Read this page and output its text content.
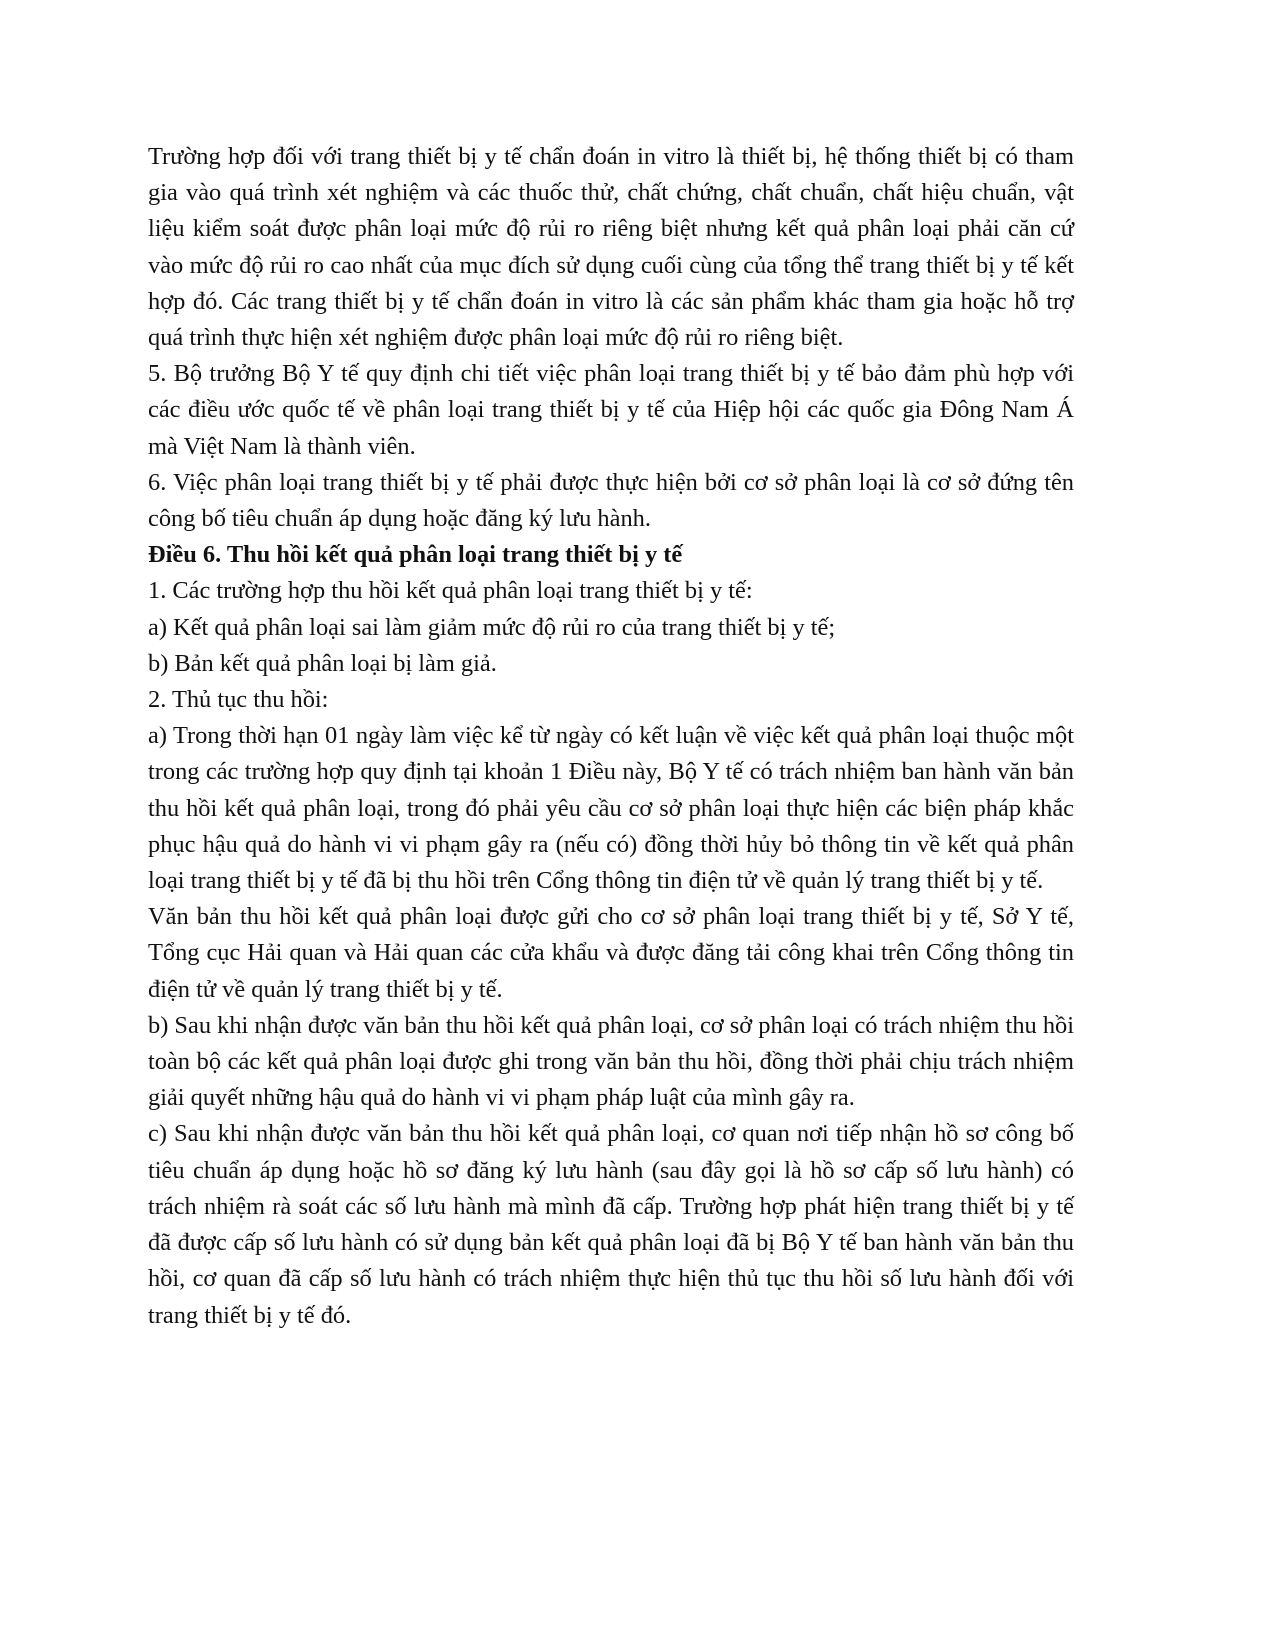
Trường hợp đối với trang thiết bị y tế chẩn đoán in vitro là thiết bị, hệ thống thiết bị có tham gia vào quá trình xét nghiệm và các thuốc thử, chất chứng, chất chuẩn, chất hiệu chuẩn, vật liệu kiểm soát được phân loại mức độ rủi ro riêng biệt nhưng kết quả phân loại phải căn cứ vào mức độ rủi ro cao nhất của mục đích sử dụng cuối cùng của tổng thể trang thiết bị y tế kết hợp đó. Các trang thiết bị y tế chẩn đoán in vitro là các sản phẩm khác tham gia hoặc hỗ trợ quá trình thực hiện xét nghiệm được phân loại mức độ rủi ro riêng biệt.

5. Bộ trưởng Bộ Y tế quy định chi tiết việc phân loại trang thiết bị y tế bảo đảm phù hợp với các điều ước quốc tế về phân loại trang thiết bị y tế của Hiệp hội các quốc gia Đông Nam Á mà Việt Nam là thành viên.

6. Việc phân loại trang thiết bị y tế phải được thực hiện bởi cơ sở phân loại là cơ sở đứng tên công bố tiêu chuẩn áp dụng hoặc đăng ký lưu hành.

Điều 6. Thu hồi kết quả phân loại trang thiết bị y tế

1. Các trường hợp thu hồi kết quả phân loại trang thiết bị y tế:

a) Kết quả phân loại sai làm giảm mức độ rủi ro của trang thiết bị y tế;

b) Bản kết quả phân loại bị làm giả.

2. Thủ tục thu hồi:

a) Trong thời hạn 01 ngày làm việc kể từ ngày có kết luận về việc kết quả phân loại thuộc một trong các trường hợp quy định tại khoản 1 Điều này, Bộ Y tế có trách nhiệm ban hành văn bản thu hồi kết quả phân loại, trong đó phải yêu cầu cơ sở phân loại thực hiện các biện pháp khắc phục hậu quả do hành vi vi phạm gây ra (nếu có) đồng thời hủy bỏ thông tin về kết quả phân loại trang thiết bị y tế đã bị thu hồi trên Cổng thông tin điện tử về quản lý trang thiết bị y tế.

Văn bản thu hồi kết quả phân loại được gửi cho cơ sở phân loại trang thiết bị y tế, Sở Y tế, Tổng cục Hải quan và Hải quan các cửa khẩu và được đăng tải công khai trên Cổng thông tin điện tử về quản lý trang thiết bị y tế.

b) Sau khi nhận được văn bản thu hồi kết quả phân loại, cơ sở phân loại có trách nhiệm thu hồi toàn bộ các kết quả phân loại được ghi trong văn bản thu hồi, đồng thời phải chịu trách nhiệm giải quyết những hậu quả do hành vi vi phạm pháp luật của mình gây ra.

c) Sau khi nhận được văn bản thu hồi kết quả phân loại, cơ quan nơi tiếp nhận hồ sơ công bố tiêu chuẩn áp dụng hoặc hồ sơ đăng ký lưu hành (sau đây gọi là hồ sơ cấp số lưu hành) có trách nhiệm rà soát các số lưu hành mà mình đã cấp. Trường hợp phát hiện trang thiết bị y tế đã được cấp số lưu hành có sử dụng bản kết quả phân loại đã bị Bộ Y tế ban hành văn bản thu hồi, cơ quan đã cấp số lưu hành có trách nhiệm thực hiện thủ tục thu hồi số lưu hành đối với trang thiết bị y tế đó.
